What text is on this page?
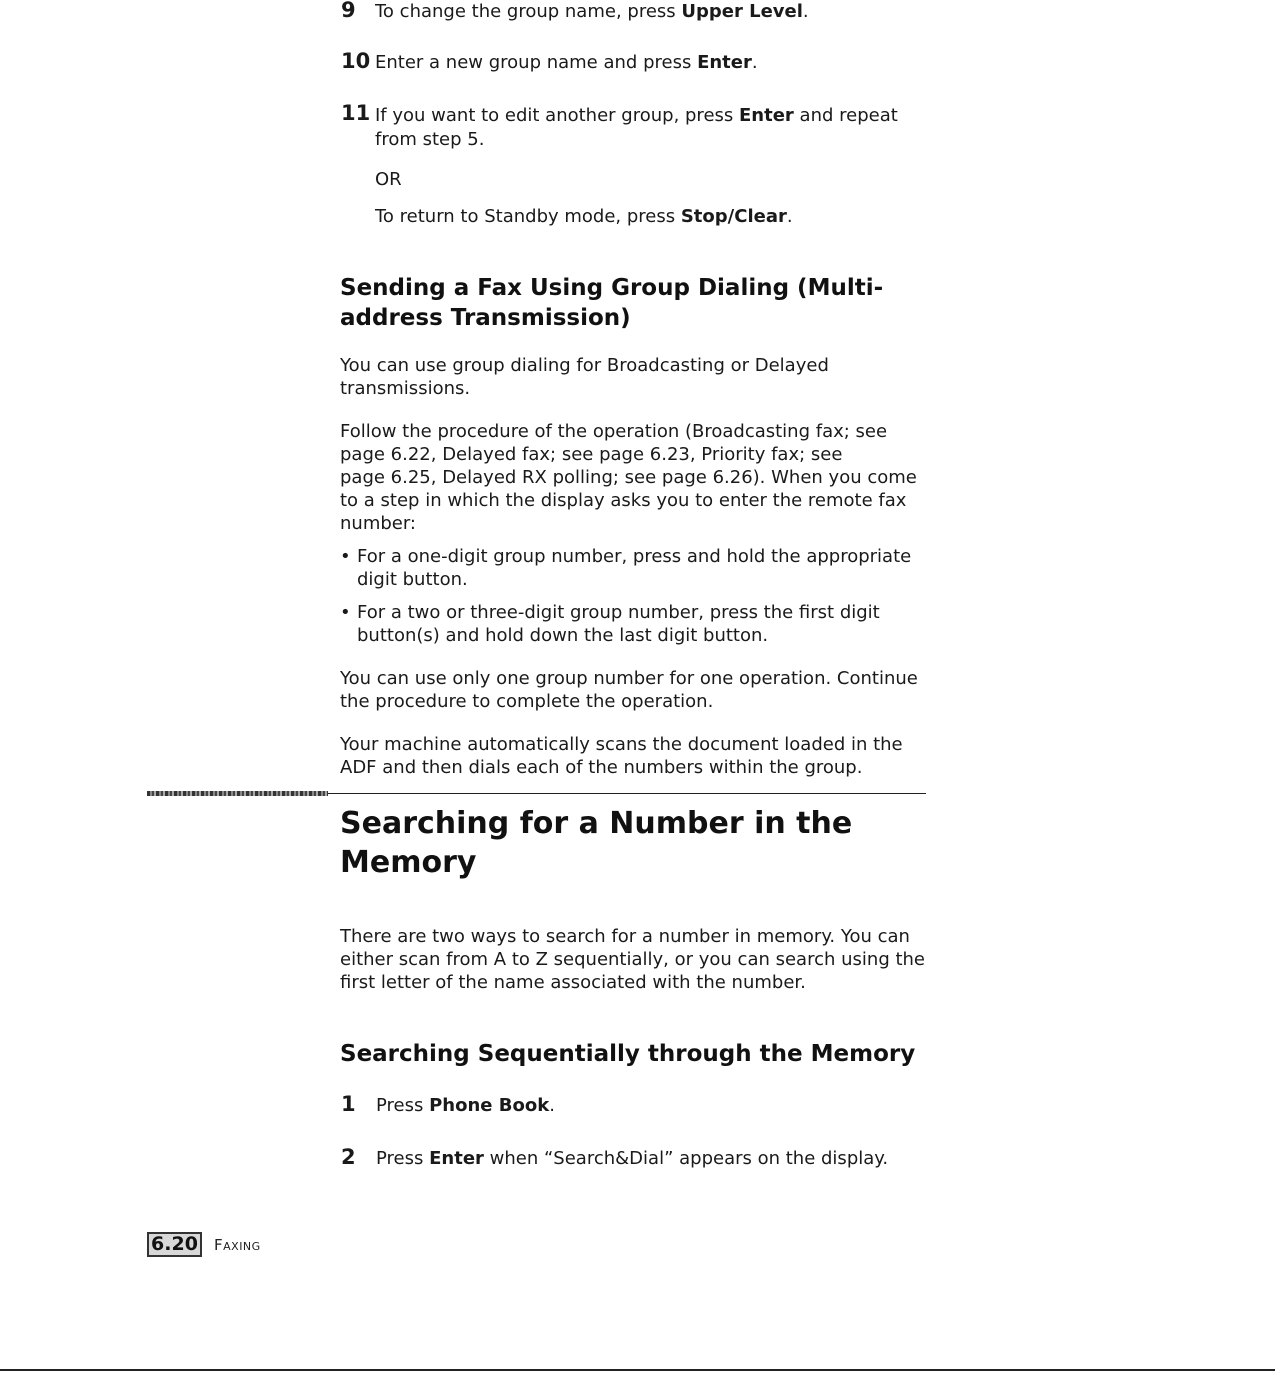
9 To change the group name, press Upper Level.
10 Enter a new group name and press Enter.
11 If you want to edit another group, press Enter and repeat
from step 5.
OR
To return to Standby mode, press Stop/Clear.
Sending a Fax Using Group Dialing (Multi-
address Transmission)
You can use group dialing for Broadcasting or Delayed
transmissions.
Follow the procedure of the operation (Broadcasting fax; see
page 6.22, Delayed fax; see page 6.23, Priority fax; see
page 6.25, Delayed RX polling; see page 6.26). When you come
to a step in which the display asks you to enter the remote fax
number:
• For a one-digit group number, press and hold the appropriate
digit button.
• For a two or three-digit group number, press the first digit
button(s) and hold down the last digit button.
You can use only one group number for one operation. Continue
the procedure to complete the operation.
Your machine automatically scans the document loaded in the
ADF and then dials each of the numbers within the group.
Searching for a Number in the
Memory
There are two ways to search for a number in memory. You can
either scan from A to Z sequentially, or you can search using the
first letter of the name associated with the number.
Searching Sequentially through the Memory
1 Press Phone Book.
2 Press Enter when “Search&Dial” appears on the display.
6.20 Faxing
